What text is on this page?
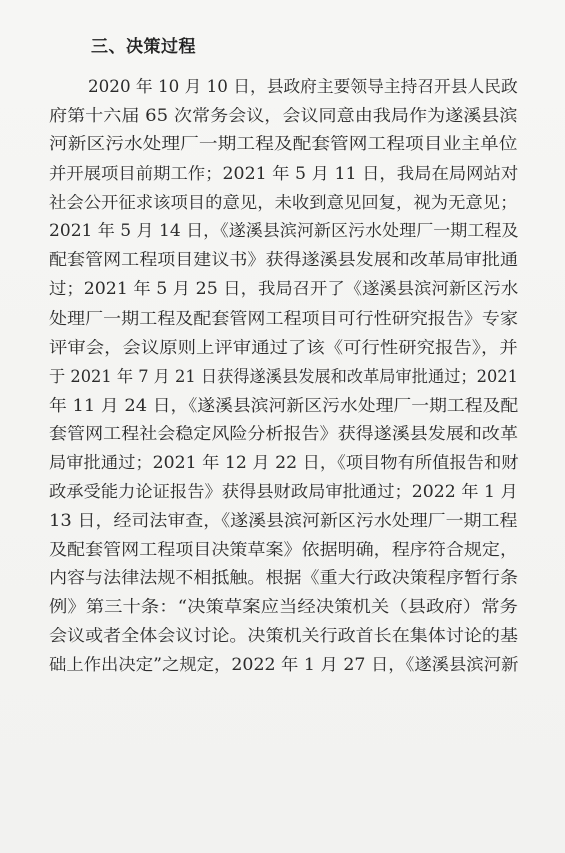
三、决策过程
2020 年 10 月 10 日，县政府主要领导主持召开县人民政
府第十六届 65 次常务会议，会议同意由我局作为遂溪县滨
河新区污水处理厂一期工程及配套管网工程项目业主单位
并开展项目前期工作；2021 年 5 月 11 日，我局在局网站对
社会公开征求该项目的意见，未收到意见回复，视为无意见；
2021 年 5 月 14 日，《遂溪县滨河新区污水处理厂一期工程及
配套管网工程项目建议书》获得遂溪县发展和改革局审批通
过；2021 年 5 月 25 日，我局召开了《遂溪县滨河新区污水
处理厂一期工程及配套管网工程项目可行性研究报告》专家
评审会，会议原则上评审通过了该《可行性研究报告》，并
于 2021 年 7 月 21 日获得遂溪县发展和改革局审批通过；2021
年 11 月 24 日，《遂溪县滨河新区污水处理厂一期工程及配
套管网工程社会稳定风险分析报告》获得遂溪县发展和改革
局审批通过；2021 年 12 月 22 日，《项目物有所值报告和财
政承受能力论证报告》获得县财政局审批通过；2022 年 1 月
13 日，经司法审查，《遂溪县滨河新区污水处理厂一期工程
及配套管网工程项目决策草案》依据明确，程序符合规定，
内容与法律法规不相抵触。根据《重大行政决策程序暂行条
例》第三十条：“决策草案应当经决策机关（县政府）常务
会议或者全体会议讨论。决策机关行政首长在集体讨论的基
础上作出决定”之规定，2022 年 1 月 27 日，《遂溪县滨河新
